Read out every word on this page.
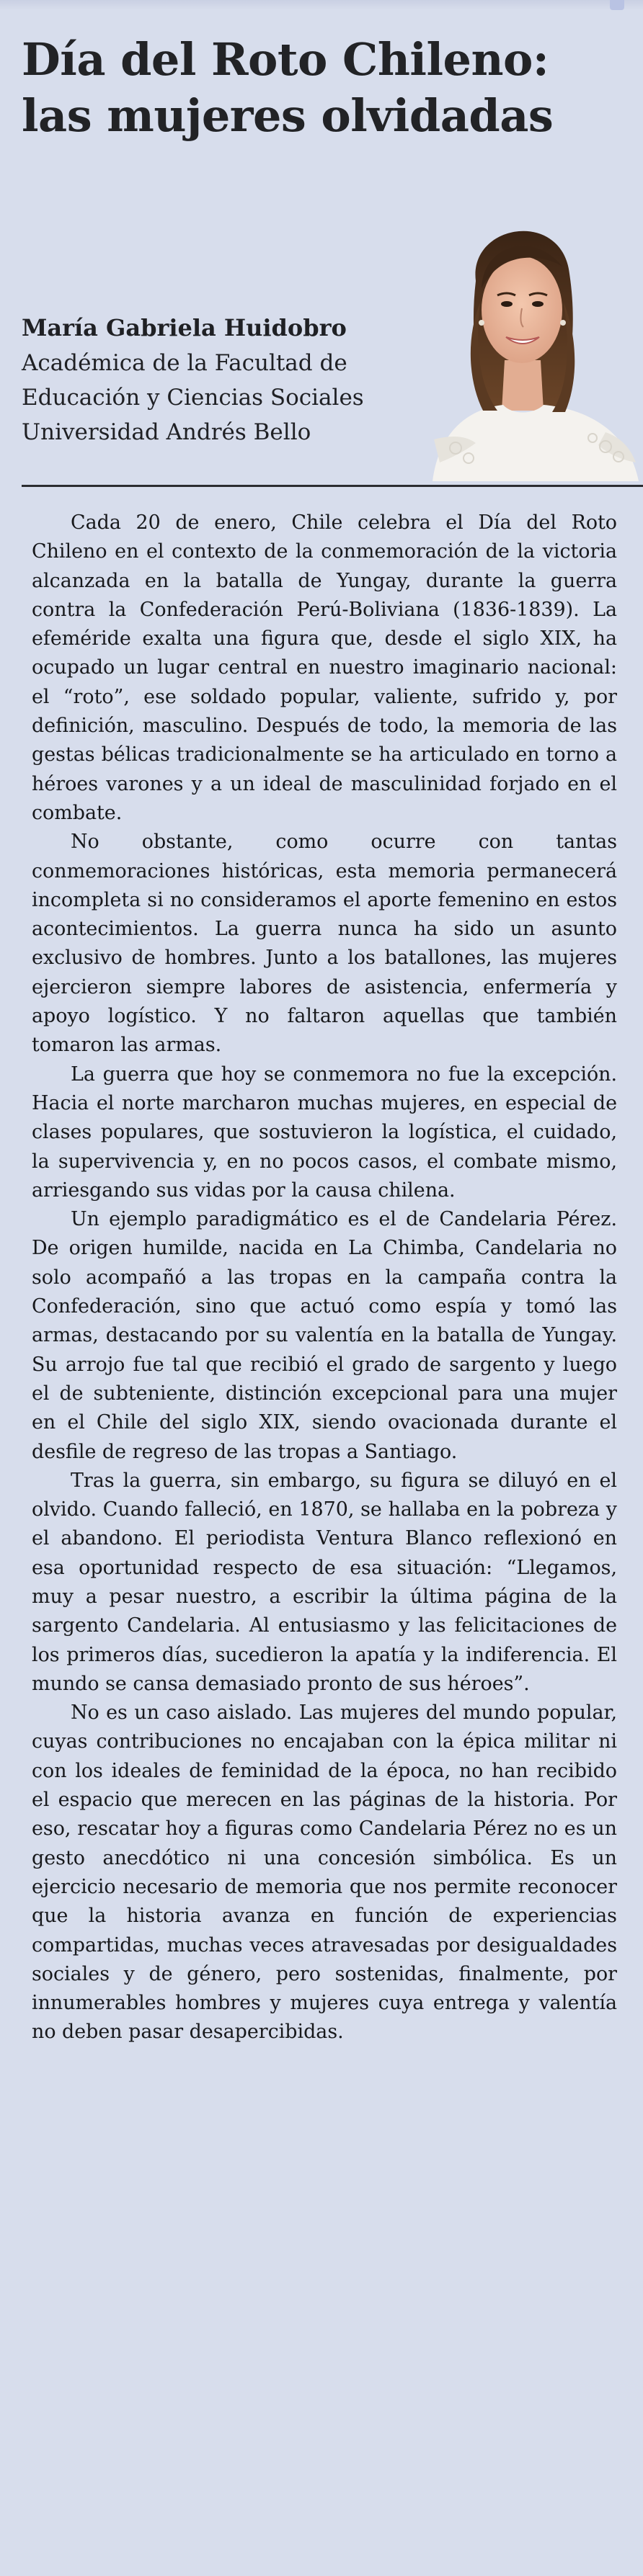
Día del Roto Chileno:
las mujeres olvidadas
María Gabriela Huidobro
Académica de la Facultad de
Educación y Ciencias Sociales
Universidad Andrés Bello

Cada 20 de enero, Chile celebra el Día del Roto Chileno en el contexto de la conmemoración de la victoria alcanzada en la batalla de Yungay, durante la guerra contra la Confederación Perú-Boliviana (1836-1839). La efeméride exalta una figura que, desde el siglo XIX, ha ocupado un lugar central en nuestro imaginario nacional: el “roto”, ese soldado popular, valiente, sufrido y, por definición, masculino. Después de todo, la memoria de las gestas bélicas tradicionalmente se ha articulado en torno a héroes varones y a un ideal de masculinidad forjado en el combate.

No obstante, como ocurre con tantas conmemoraciones históricas, esta memoria permanecerá incompleta si no consideramos el aporte femenino en estos acontecimientos. La guerra nunca ha sido un asunto exclusivo de hombres. Junto a los batallones, las mujeres ejercieron siempre labores de asistencia, enfermería y apoyo logístico. Y no faltaron aquellas que también tomaron las armas.

La guerra que hoy se conmemora no fue la excepción. Hacia el norte marcharon muchas mujeres, en especial de clases populares, que sostuvieron la logística, el cuidado, la supervivencia y, en no pocos casos, el combate mismo, arriesgando sus vidas por la causa chilena.

Un ejemplo paradigmático es el de Candelaria Pérez. De origen humilde, nacida en La Chimba, Candelaria no solo acompañó a las tropas en la campaña contra la Confederación, sino que actuó como espía y tomó las armas, destacando por su valentía en la batalla de Yungay. Su arrojo fue tal que recibió el grado de sargento y luego el de subteniente, distinción excepcional para una mujer en el Chile del siglo XIX, siendo ovacionada durante el desfile de regreso de las tropas a Santiago.

Tras la guerra, sin embargo, su figura se diluyó en el olvido. Cuando falleció, en 1870, se hallaba en la pobreza y el abandono. El periodista Ventura Blanco reflexionó en esa oportunidad respecto de esa situación: “Llegamos, muy a pesar nuestro, a escribir la última página de la sargento Candelaria. Al entusiasmo y las felicitaciones de los primeros días, sucedieron la apatía y la indiferencia. El mundo se cansa demasiado pronto de sus héroes”.

No es un caso aislado. Las mujeres del mundo popular, cuyas contribuciones no encajaban con la épica militar ni con los ideales de feminidad de la época, no han recibido el espacio que merecen en las páginas de la historia. Por eso, rescatar hoy a figuras como Candelaria Pérez no es un gesto anecdótico ni una concesión simbólica. Es un ejercicio necesario de memoria que nos permite reconocer que la historia avanza en función de experiencias compartidas, muchas veces atravesadas por desigualdades sociales y de género, pero sostenidas, finalmente, por innumerables hombres y mujeres cuya entrega y valentía no deben pasar desapercibidas.
